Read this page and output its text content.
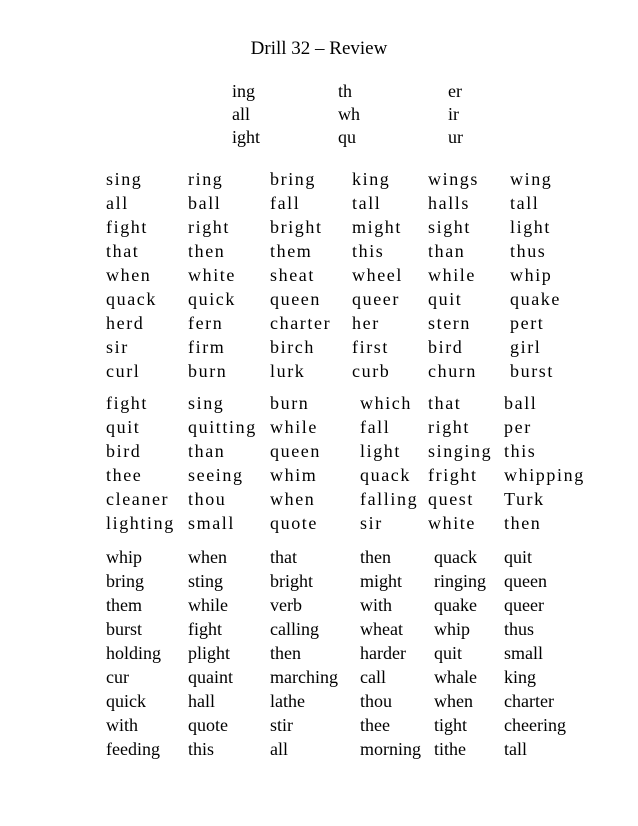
Drill 32 – Review
ing	th	er
all	wh	ir
ight	qu	ur
sing	ring	bring king wings wing
all	ball	fall	tall	halls tall
fight right bright might sight light
that	then them this than thus
when white sheat wheel while whip
quack quick queen queer quit	quake
herd fern	charter her	stern pert
sir	firm birch first bird	girl
curl	burn lurk	curb churn burst
fight sing	burn	which that ball
quit	quitting while fall right per
bird	than queen light singing this
thee	seeing whim quack fright whipping
cleaner thou when falling quest Turk
lighting small quote sir	white then
whip	when that	then quack quit
bring sting	bright	might ringing queen
them	while verb	with quake queer
burst	fight	calling wheat whip thus
holding plight then	harder quit small
cur	quaint marching call	whale king
quick hall	lathe	thou when charter
with	quote stir	thee tight cheering
feeding this	all	morning tithe tall
